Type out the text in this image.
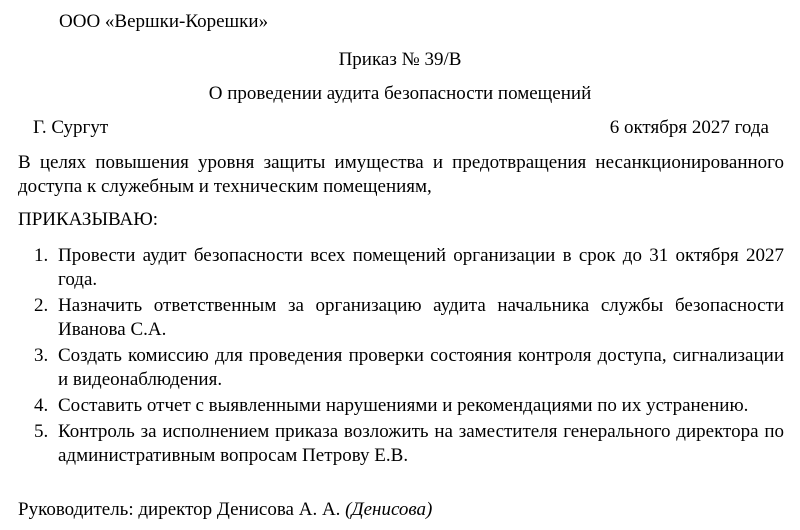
ООО «Вершки-Корешки»
Приказ № 39/В
О проведении аудита безопасности помещений
Г. Сургут	6 октября 2027 года
В целях повышения уровня защиты имущества и предотвращения несанкционированного доступа к служебным и техническим помещениям,
ПРИКАЗЫВАЮ:
1. Провести аудит безопасности всех помещений организации в срок до 31 октября 2027 года.
2. Назначить ответственным за организацию аудита начальника службы безопасности Иванова С.А.
3. Создать комиссию для проведения проверки состояния контроля доступа, сигнализации и видеонаблюдения.
4. Составить отчет с выявленными нарушениями и рекомендациями по их устранению.
5. Контроль за исполнением приказа возложить на заместителя генерального директора по административным вопросам Петрову Е.В.
Руководитель: директор Денисова А. А. (Денисова)
